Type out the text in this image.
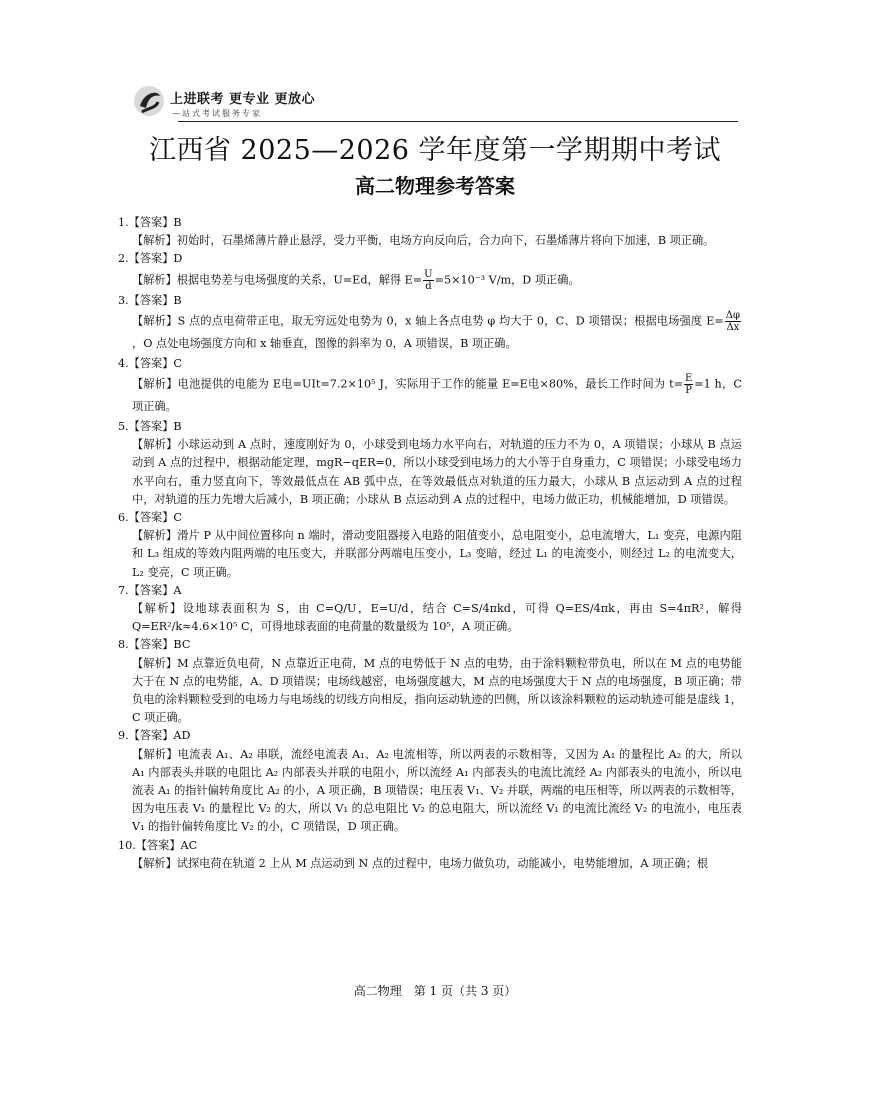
上进联考 更专业 更放心
—站式考试服务专家
江西省 2025—2026 学年度第一学期期中考试
高二物理参考答案
1.【答案】B
【解析】初始时，石墨烯薄片静止悬浮，受力平衡，电场方向反向后，合力向下，石墨烯薄片将向下加速，B 项正确。
2.【答案】D
【解析】根据电势差与电场强度的关系，U=Ed，解得 $E= \frac{U}{d} =5\times 10^{-3}$ V/m，D 项正确。
3.【答案】B
【解析】S 点的点电荷带正电，取无穷远处电势为 0，x 轴上各点电势 φ 均大于 0，C、D 项错误；根据电场强度 $E= \frac{\Delta\varphi}{\Delta x}$
，O 点处电场强度方向和 x 轴垂直，图像的斜率为 0，A 项错误，B 项正确。
4.【答案】C
【解析】电池提供的电能为 E电=UIt=7.2×10⁵ J，实际用于工作的能量 E=E电×80%，最长工作时间为 $t= \frac{E}{P} =1$ h，C 项正确。
5.【答案】B
【解析】小球运动到 A 点时，速度刚好为 0，小球受到电场力水平向右，对轨道的压力不为 0，A 项错误；小球从 B 点运动到 A 点的过程中，根据动能定理，mgR−qER=0，所以小球受到电场力的大小等于自身重力，C 项错误；小球受电场力水平向右，重力竖直向下，等效最低点在 AB 弧中点，在等效最低点对轨道的压力最大，小球从 B 点运动到 A 点的过程中，对轨道的压力先增大后减小，B 项正确；小球从 B 点运动到 A 点的过程中，电场力做正功，机械能增加，D 项错误。
6.【答案】C
【解析】滑片 P 从中间位置移向 n 端时，滑动变阻器接入电路的阻值变小，总电阻变小，总电流增大，L₁ 变亮，电源内阻和 L₃ 组成的等效内阻两端的电压变大，并联部分两端电压变小，L₃ 变暗，经过 L₁ 的电流变小，则经过 L₂ 的电流变大，L₂ 变亮，C 项正确。
7.【答案】A
【解析】设地球表面积为 S，由 C=Q/U，E=U/d，结合 C=S/4πkd，可得 Q=ES/4πk，再由 S=4πR²，解得 Q=ER²/k≈4.6×10⁵ C，可得地球表面的电荷量的数量级为 10⁵，A 项正确。
8.【答案】BC
【解析】M 点靠近负电荷，N 点靠近正电荷，M 点的电势低于 N 点的电势，由于涂料颗粒带负电，所以在 M 点的电势能大于在 N 点的电势能，A、D 项错误；电场线越密，电场强度越大，M 点的电场强度大于 N 点的电场强度，B 项正确；带负电的涂料颗粒受到的电场力与电场线的切线方向相反，指向运动轨迹的凹侧，所以该涂料颗粒的运动轨迹可能是虚线 1，C 项正确。
9.【答案】AD
【解析】电流表 A₁、A₂ 串联，流经电流表 A₁、A₂ 电流相等，所以两表的示数相等，又因为 A₁ 的量程比 A₂ 的大，所以 A₁ 内部表头并联的电阻比 A₂ 内部表头并联的电阻小，所以流经 A₁ 内部表头的电流比流经 A₂ 内部表头的电流小，所以电流表 A₁ 的指针偏转角度比 A₂ 的小，A 项正确，B 项错误；电压表 V₁、V₂ 并联，两端的电压相等，所以两表的示数相等，因为电压表 V₁ 的量程比 V₂ 的大，所以 V₁ 的总电阻比 V₂ 的总电阻大，所以流经 V₁ 的电流比流经 V₂ 的电流小，电压表 V₁ 的指针偏转角度比 V₂ 的小，C 项错误，D 项正确。
10.【答案】AC
【解析】试探电荷在轨道 2 上从 M 点运动到 N 点的过程中，电场力做负功，动能减小，电势能增加，A 项正确；根
高二物理　第 1 页（共 3 页）
